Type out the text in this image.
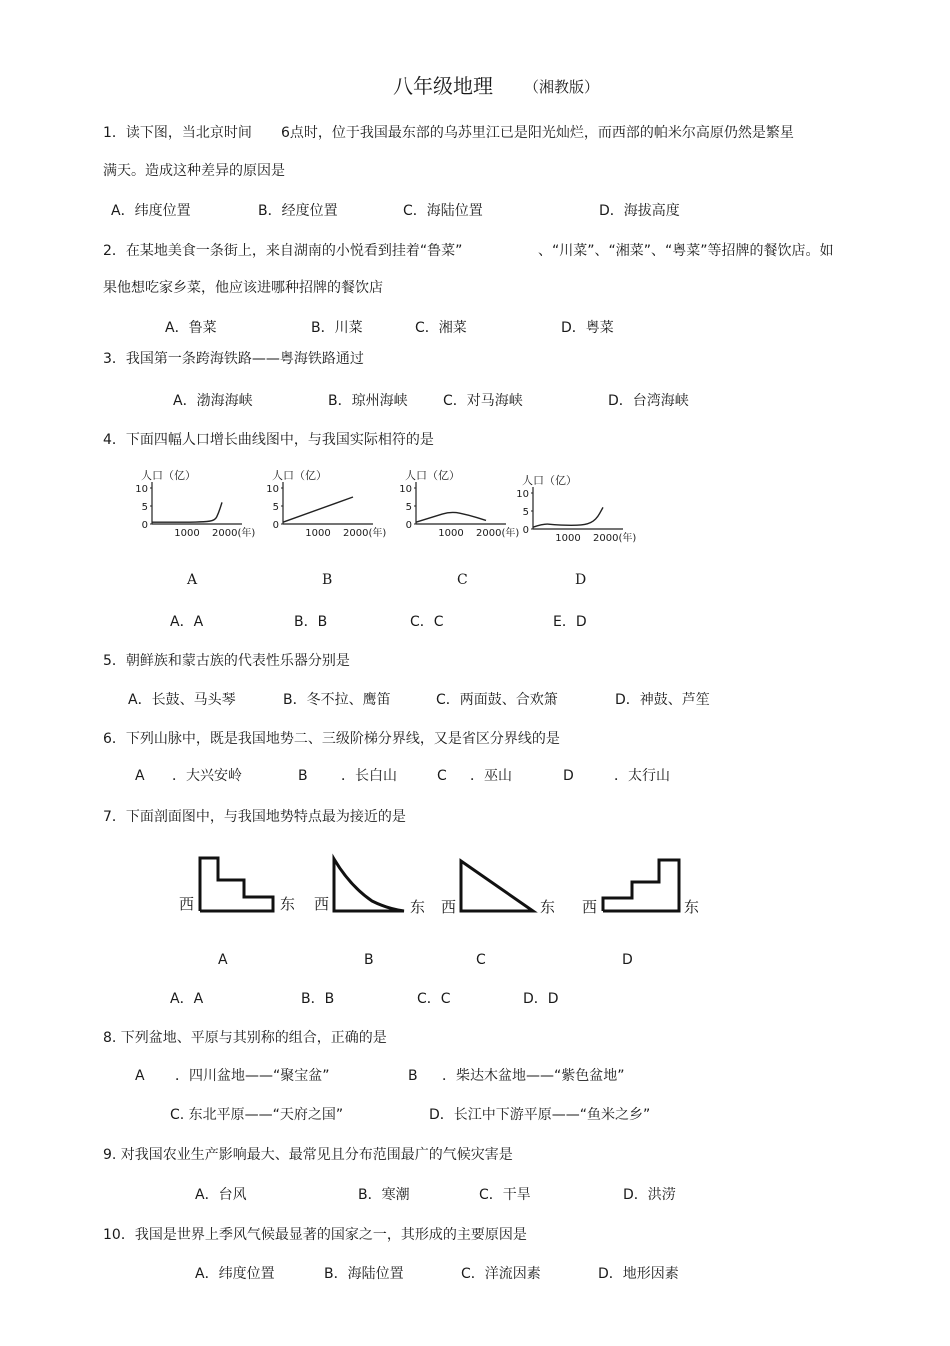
八年级地理 （湘教版）
1．读下图，当北京时间 6点时，位于我国最东部的乌苏里江已是阳光灿烂，而西部的帕米尔高原仍然是繁星
满天。造成这种差异的原因是
A．纬度位置	B．经度位置	C．海陆位置	D．海拔高度
2．在某地美食一条街上，来自湖南的小悦看到挂着“鲁菜”	、“川菜”、“湘菜”、“粤菜”等招牌的餐饮店。如
果他想吃家乡菜，他应该进哪种招牌的餐饮店
A．鲁菜	B．川菜	C．湘菜	D．粤菜
3．我国第一条跨海铁路——粤海铁路通过
A．渤海海峡	B．琼州海峡	C．对马海峡	D．台湾海峡
4．下面四幅人口增长曲线图中，与我国实际相符的是
人口（亿）
10
5
0
1000 2000(年)
人口（亿）
10
5
0
1000 2000(年)
人口（亿）
10
5
0
1000 2000(年)
人口（亿）
10
5
0
1000 2000(年)
A	B	C	D
A．A	B．B	C．C	E．D
5．朝鲜族和蒙古族的代表性乐器分别是
A．长鼓、马头琴	B．冬不拉、鹰笛	C．两面鼓、合欢箫	D．神鼓、芦笙
6．下列山脉中，既是我国地势二、三级阶梯分界线，又是省区分界线的是
A ．大兴安岭	B ．长白山	C ．巫山	D	．太行山
7．下面剖面图中，与我国地势特点最为接近的是
西	东 西	东 西	东 西	东
A	B	C	D
A．A	B．B	C．C	D．D
8. 下列盆地、平原与其别称的组合，正确的是
A ．四川盆地——“聚宝盆”	B ．柴达木盆地——“紫色盆地”
C. 东北平原——“天府之国”	D．长江中下游平原——“鱼米之乡”
9. 对我国农业生产影响最大、最常见且分布范围最广的气候灾害是
A．台风	B．寒潮	C．干旱	D．洪涝
10．我国是世界上季风气候最显著的国家之一，其形成的主要原因是
A．纬度位置	B．海陆位置	C．洋流因素	D．地形因素
